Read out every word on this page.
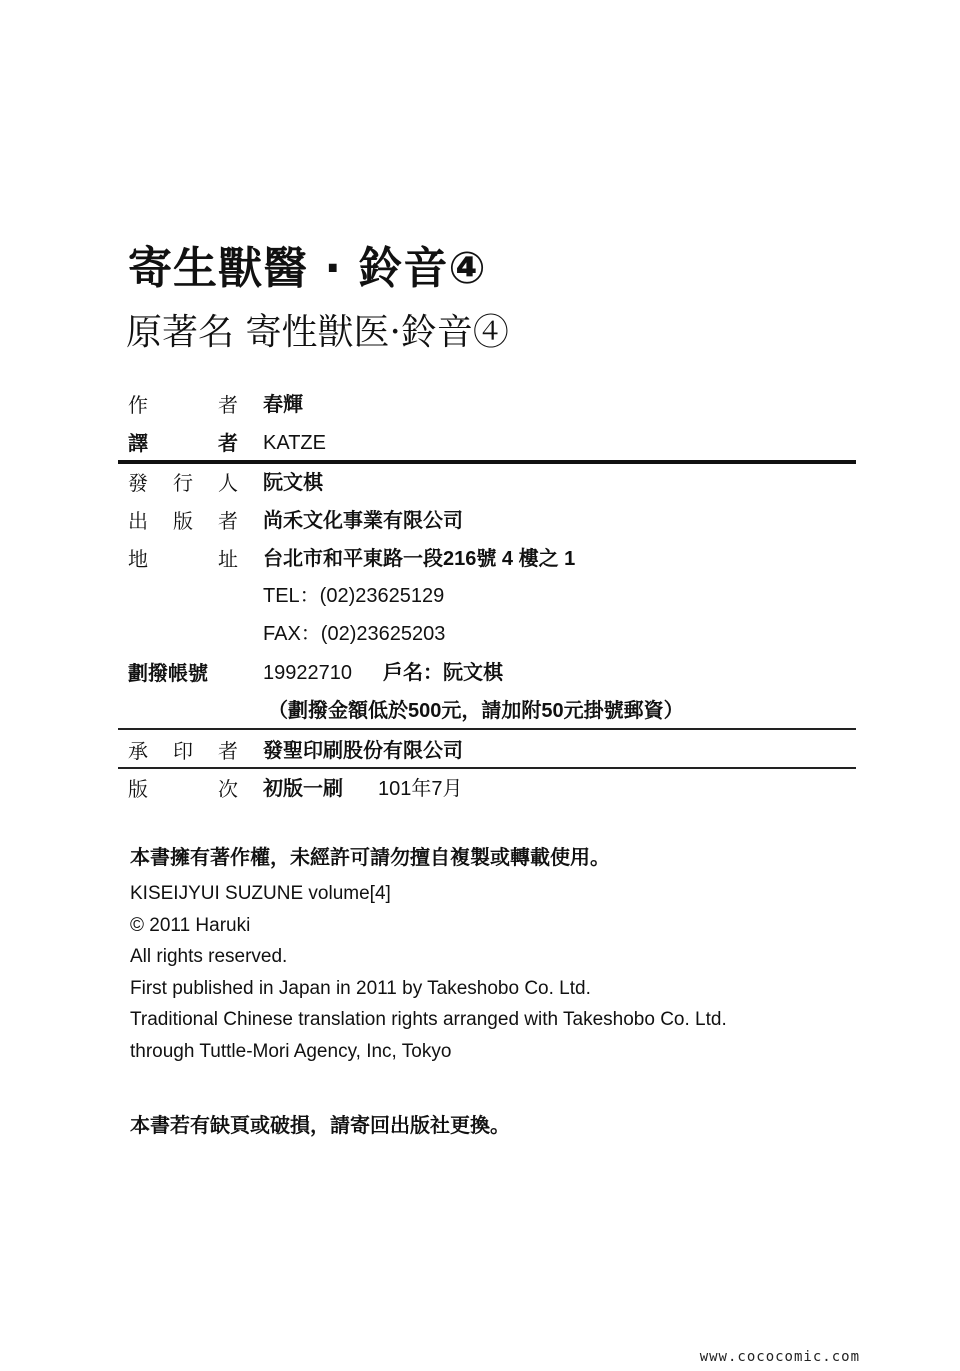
寄生獸醫 · 鈴音④
原著名 寄性獣医·鈴音④
作	者 春輝
譯	者 KATZE
發 行 人 阮文棋
出 版 者 尚禾文化事業有限公司
地	址 台北市和平東路一段216號 4 樓之 1
TEL：(02)23625129
FAX：(02)23625203
劃撥帳號	19922710 戶名：阮文棋
（劃撥金額低於500元，請加附50元掛號郵資）
承 印 者 發聖印刷股份有限公司
版	次 初版一刷 101年7月
本書擁有著作權，未經許可請勿擅自複製或轉載使用。
KISEIJYUI SUZUNE volume[4]
© 2011 Haruki
All rights reserved.
First published in Japan in 2011 by Takeshobo Co. Ltd.
Traditional Chinese translation rights arranged with Takeshobo Co. Ltd.
through Tuttle-Mori Agency, Inc, Tokyo
本書若有缺頁或破損，請寄回出版社更換。
www.cococomic.com
